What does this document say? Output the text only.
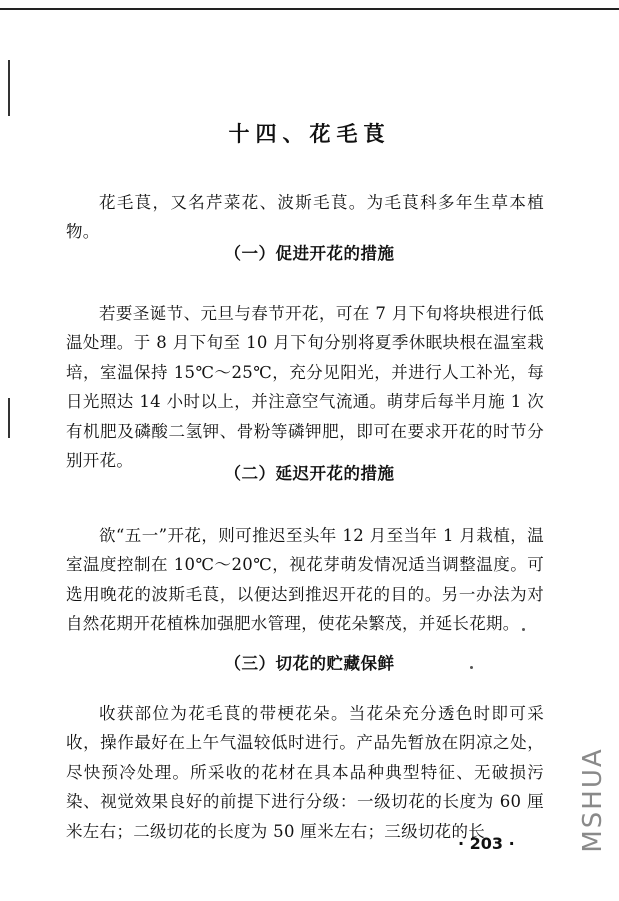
十四、花毛茛

花毛茛，又名芹菜花、波斯毛茛。为毛茛科多年生草本植物。

（一）促进开花的措施

若要圣诞节、元旦与春节开花，可在 7 月下旬将块根进行低温处理。于 8 月下旬至 10 月下旬分别将夏季休眠块根在温室栽培，室温保持 15℃～25℃，充分见阳光，并进行人工补光，每日光照达 14 小时以上，并注意空气流通。萌芽后每半月施 1 次有机肥及磷酸二氢钾、骨粉等磷钾肥，即可在要求开花的时节分别开花。

（二）延迟开花的措施

欲“五一”开花，则可推迟至头年 12 月至当年 1 月栽植，温室温度控制在 10℃～20℃，视花芽萌发情况适当调整温度。可选用晚花的波斯毛茛，以便达到推迟开花的目的。另一办法为对自然花期开花植株加强肥水管理，使花朵繁茂，并延长花期。

（三）切花的贮藏保鲜

收获部位为花毛茛的带梗花朵。当花朵充分透色时即可采收，操作最好在上午气温较低时进行。产品先暂放在阴凉之处，尽快预冷处理。所采收的花材在具本品种典型特征、无破损污染、视觉效果良好的前提下进行分级：一级切花的长度为 60 厘米左右；二级切花的长度为 50 厘米左右；三级切花的长

· 203 · MSHUA
